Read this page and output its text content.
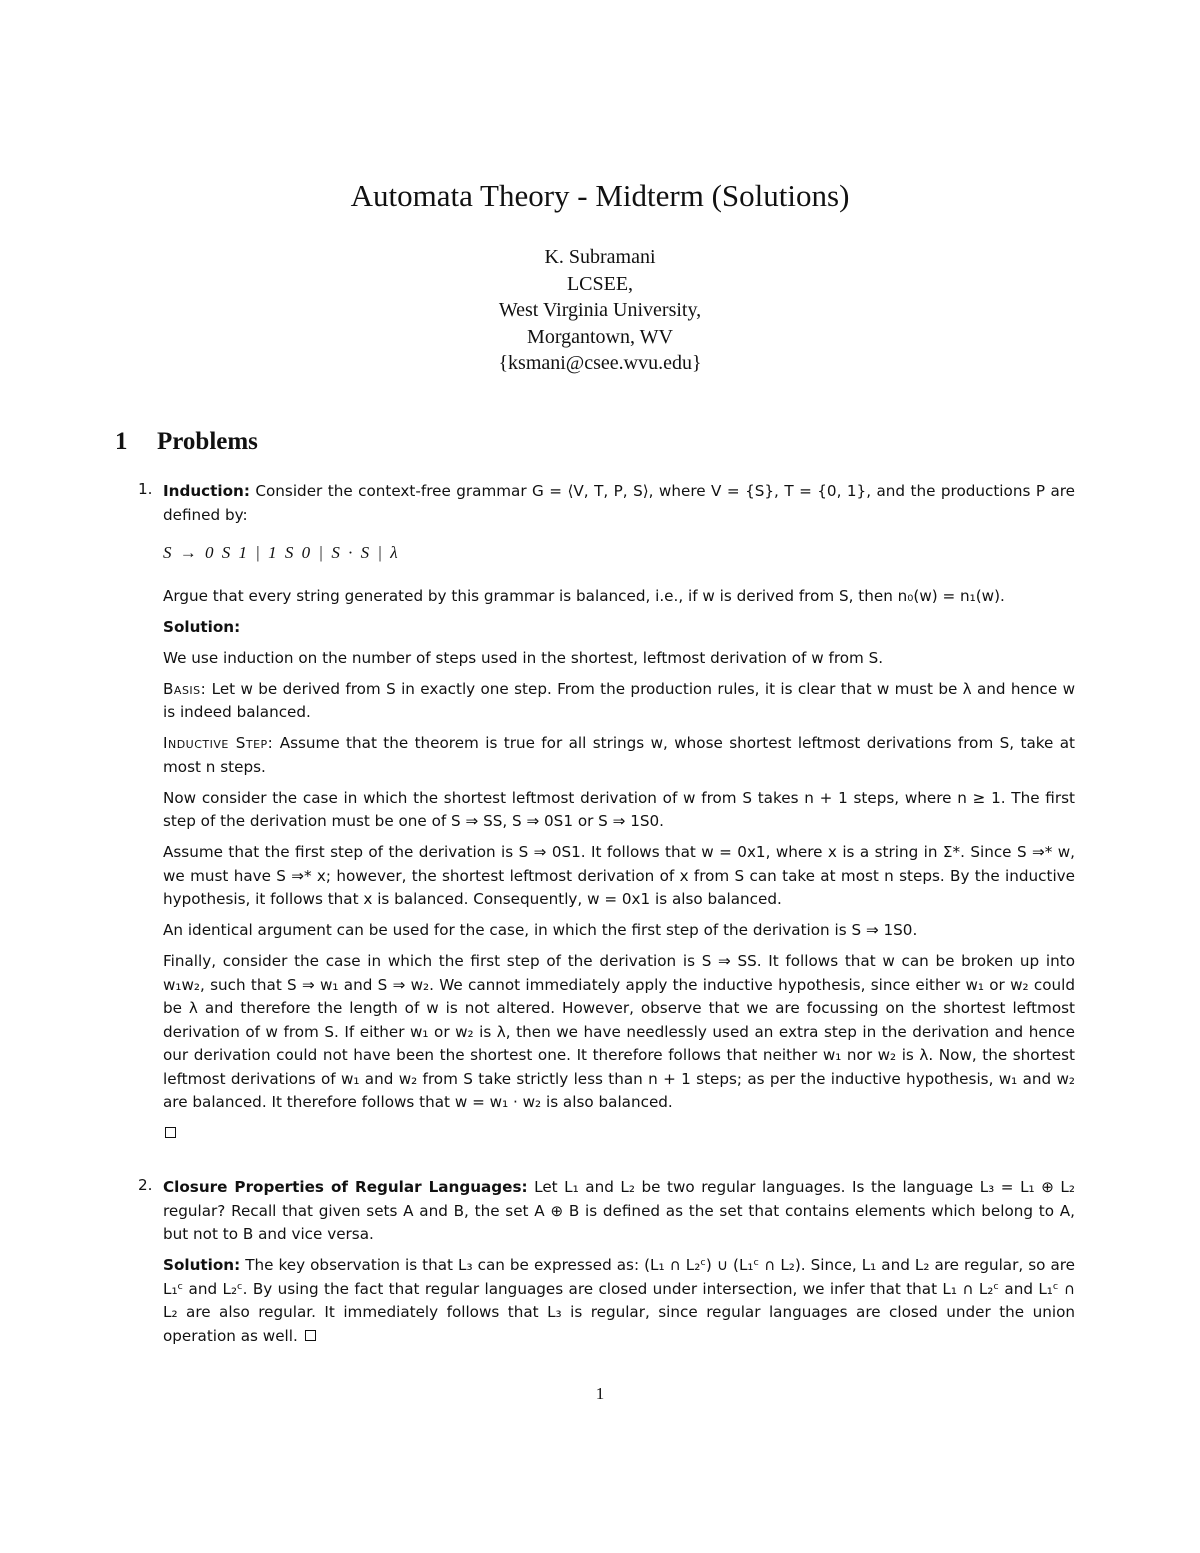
Automata Theory - Midterm (Solutions)
K. Subramani
LCSEE,
West Virginia University,
Morgantown, WV
{ksmani@csee.wvu.edu}
1 Problems
1. Induction: Consider the context-free grammar G = ⟨V, T, P, S⟩, where V = {S}, T = {0, 1}, and the productions P are defined by:

S → 0 S 1 | 1 S 0 | S · S | λ

Argue that every string generated by this grammar is balanced, i.e., if w is derived from S, then n₀(w) = n₁(w).

Solution:

We use induction on the number of steps used in the shortest, leftmost derivation of w from S.

Basis: Let w be derived from S in exactly one step. From the production rules, it is clear that w must be λ and hence w is indeed balanced.

Inductive Step: Assume that the theorem is true for all strings w, whose shortest leftmost derivations from S, take at most n steps.

Now consider the case in which the shortest leftmost derivation of w from S takes n + 1 steps, where n ≥ 1. The first step of the derivation must be one of S ⇒ SS, S ⇒ 0S1 or S ⇒ 1S0.

Assume that the first step of the derivation is S ⇒ 0S1. It follows that w = 0x1, where x is a string in Σ*. Since S ⇒* w, we must have S ⇒* x; however, the shortest leftmost derivation of x from S can take at most n steps. By the inductive hypothesis, it follows that x is balanced. Consequently, w = 0x1 is also balanced.

An identical argument can be used for the case, in which the first step of the derivation is S ⇒ 1S0.

Finally, consider the case in which the first step of the derivation is S ⇒ SS. It follows that w can be broken up into w₁w₂, such that S ⇒ w₁ and S ⇒ w₂. We cannot immediately apply the inductive hypothesis, since either w₁ or w₂ could be λ and therefore the length of w is not altered. However, observe that we are focussing on the shortest leftmost derivation of w from S. If either w₁ or w₂ is λ, then we have needlessly used an extra step in the derivation and hence our derivation could not have been the shortest one. It therefore follows that neither w₁ nor w₂ is λ. Now, the shortest leftmost derivations of w₁ and w₂ from S take strictly less than n + 1 steps; as per the inductive hypothesis, w₁ and w₂ are balanced. It therefore follows that w = w₁ · w₂ is also balanced.

2. Closure Properties of Regular Languages: Let L₁ and L₂ be two regular languages. Is the language L₃ = L₁ ⊕ L₂ regular? Recall that given sets A and B, the set A ⊕ B is defined as the set that contains elements which belong to A, but not to B and vice versa.

Solution: The key observation is that L₃ can be expressed as: (L₁ ∩ L₂ᶜ) ∪ (L₁ᶜ ∩ L₂). Since, L₁ and L₂ are regular, so are L₁ᶜ and L₂ᶜ. By using the fact that regular languages are closed under intersection, we infer that that L₁ ∩ L₂ᶜ and L₁ᶜ ∩ L₂ are also regular. It immediately follows that L₃ is regular, since regular languages are closed under the union operation as well.

1
